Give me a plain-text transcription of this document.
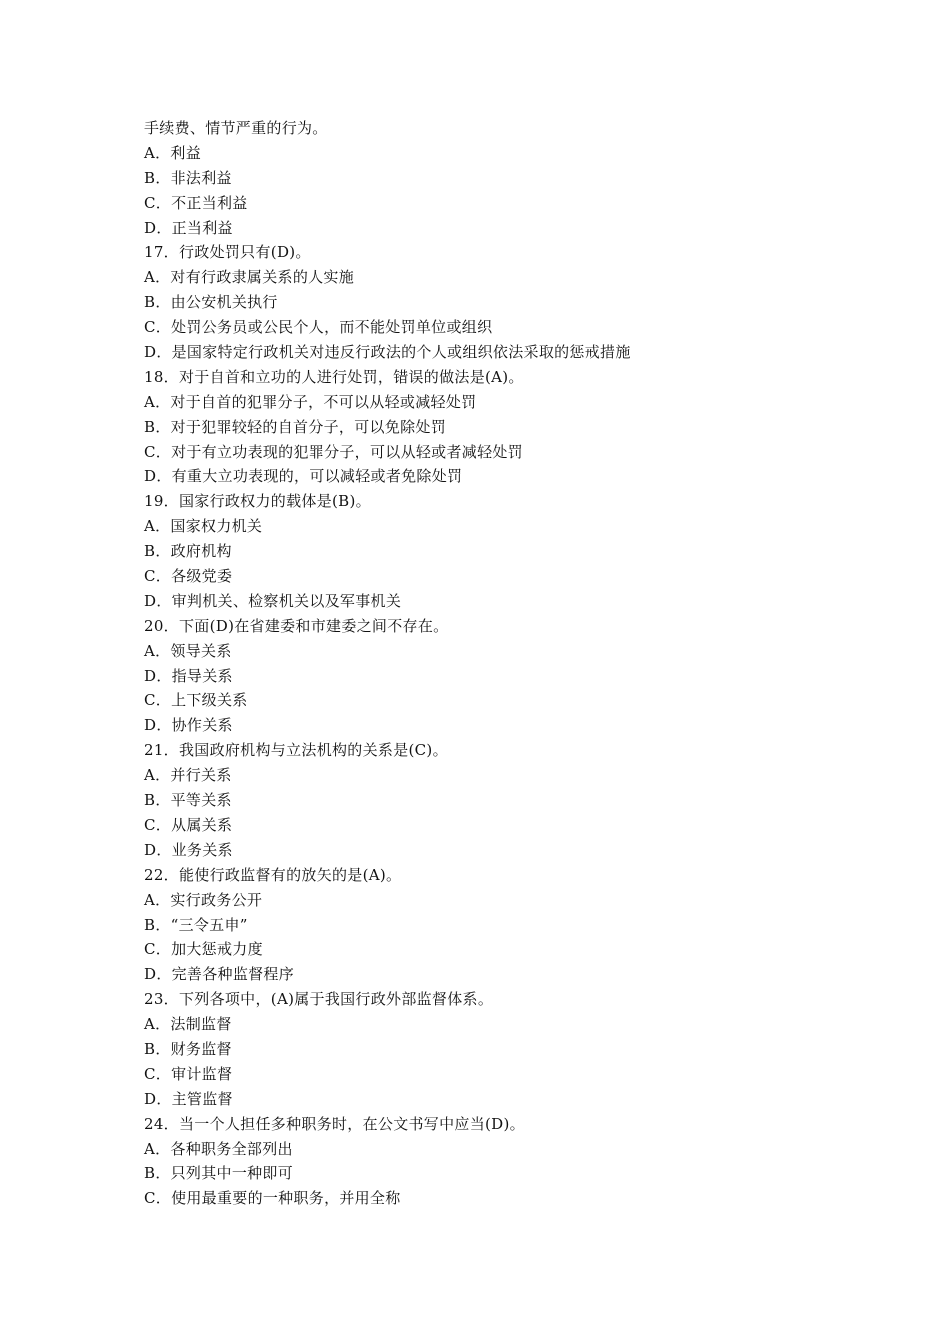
手续费、情节严重的行为。
A．利益
B．非法利益
C．不正当利益
D．正当利益
17．行政处罚只有(D)。
A．对有行政隶属关系的人实施
B．由公安机关执行
C．处罚公务员或公民个人，而不能处罚单位或组织
D．是国家特定行政机关对违反行政法的个人或组织依法采取的惩戒措施
18．对于自首和立功的人进行处罚，错误的做法是(A)。
A．对于自首的犯罪分子，不可以从轻或减轻处罚
B．对于犯罪较轻的自首分子，可以免除处罚
C．对于有立功表现的犯罪分子，可以从轻或者减轻处罚
D．有重大立功表现的，可以减轻或者免除处罚
19．国家行政权力的载体是(B)。
A．国家权力机关
B．政府机构
C．各级党委
D．审判机关、检察机关以及军事机关
20．下面(D)在省建委和市建委之间不存在。
A．领导关系
D．指导关系
C．上下级关系
D．协作关系
21．我国政府机构与立法机构的关系是(C)。
A．并行关系
B．平等关系
C．从属关系
D．业务关系
22．能使行政监督有的放矢的是(A)。
A．实行政务公开
B．“三令五申”
C．加大惩戒力度
D．完善各种监督程序
23．下列各项中，(A)属于我国行政外部监督体系。
A．法制监督
B．财务监督
C．审计监督
D．主管监督
24．当一个人担任多种职务时，在公文书写中应当(D)。
A．各种职务全部列出
B．只列其中一种即可
C．使用最重要的一种职务，并用全称
